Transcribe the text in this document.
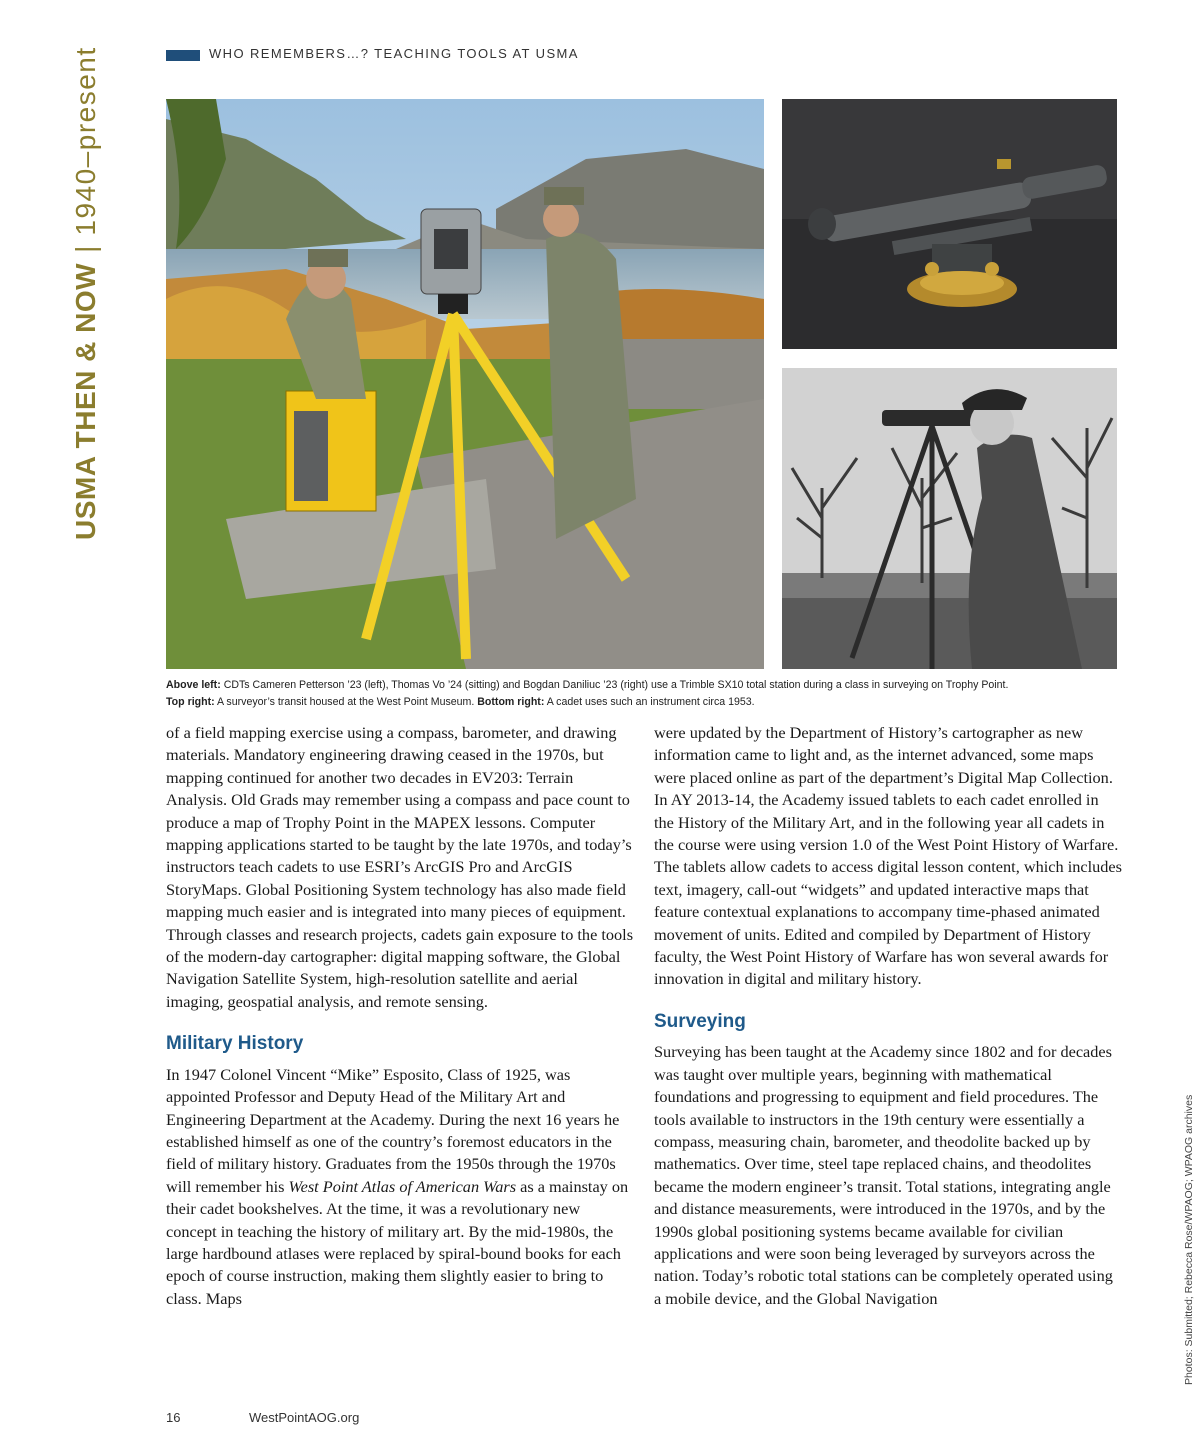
WHO REMEMBERS…? TEACHING TOOLS AT USMA
USMA THEN & NOW|1940–present
Above left: CDTs Cameren Petterson ’23 (left), Thomas Vo ’24 (sitting) and Bogdan Daniliuc ’23 (right) use a Trimble SX10 total station during a class in surveying on Trophy Point.
Top right: A surveyor’s transit housed at the West Point Museum. Bottom right: A cadet uses such an instrument circa 1953.

of a field mapping exercise using a compass, barometer, and drawing materials. Mandatory engineering drawing ceased in the 1970s, but mapping continued for another two decades in EV203: Terrain Analysis. Old Grads may remember using a compass and pace count to produce a map of Trophy Point in the MAPEX lessons. Computer mapping applications started to be taught by the late 1970s, and today’s instructors teach cadets to use ESRI’s ArcGIS Pro and ArcGIS StoryMaps. Global Positioning System technology has also made field mapping much easier and is integrated into many pieces of equipment. Through classes and research projects, cadets gain exposure to the tools of the modern-day cartographer: digital mapping software, the Global Navigation Satellite System, high-resolution satellite and aerial imaging, geospatial analysis, and remote sensing.

Military History

In 1947 Colonel Vincent “Mike” Esposito, Class of 1925, was appointed Professor and Deputy Head of the Military Art and Engineering Department at the Academy. During the next 16 years he established himself as one of the country’s foremost educators in the field of military history. Graduates from the 1950s through the 1970s will remember his West Point Atlas of American Wars as a mainstay on their cadet bookshelves. At the time, it was a revolutionary new concept in teaching the history of military art. By the mid-1980s, the large hardbound atlases were replaced by spiral-bound books for each epoch of course instruction, making them slightly easier to bring to class. Maps

were updated by the Department of History’s cartographer as new information came to light and, as the internet advanced, some maps were placed online as part of the department’s Digital Map Collection. In AY 2013-14, the Academy issued tablets to each cadet enrolled in the History of the Military Art, and in the following year all cadets in the course were using version 1.0 of the West Point History of Warfare. The tablets allow cadets to access digital lesson content, which includes text, imagery, call-out “widgets” and updated interactive maps that feature contextual explanations to accompany time-phased animated movement of units. Edited and compiled by Department of History faculty, the West Point History of Warfare has won several awards for innovation in digital and military history.

Surveying

Surveying has been taught at the Academy since 1802 and for decades was taught over multiple years, beginning with mathematical foundations and progressing to equipment and field procedures. The tools available to instructors in the 19th century were essentially a compass, measuring chain, barometer, and theodolite backed up by mathematics. Over time, steel tape replaced chains, and theodolites became the modern engineer’s transit. Total stations, integrating angle and distance measurements, were introduced in the 1970s, and by the 1990s global positioning systems became available for civilian applications and were soon being leveraged by surveyors across the nation. Today’s robotic total stations can be completely operated using a mobile device, and the Global Navigation	Photos: Submitted; Rebecca Rose/WPAOG; WPAOG archives
16	WestPointAOG.org
